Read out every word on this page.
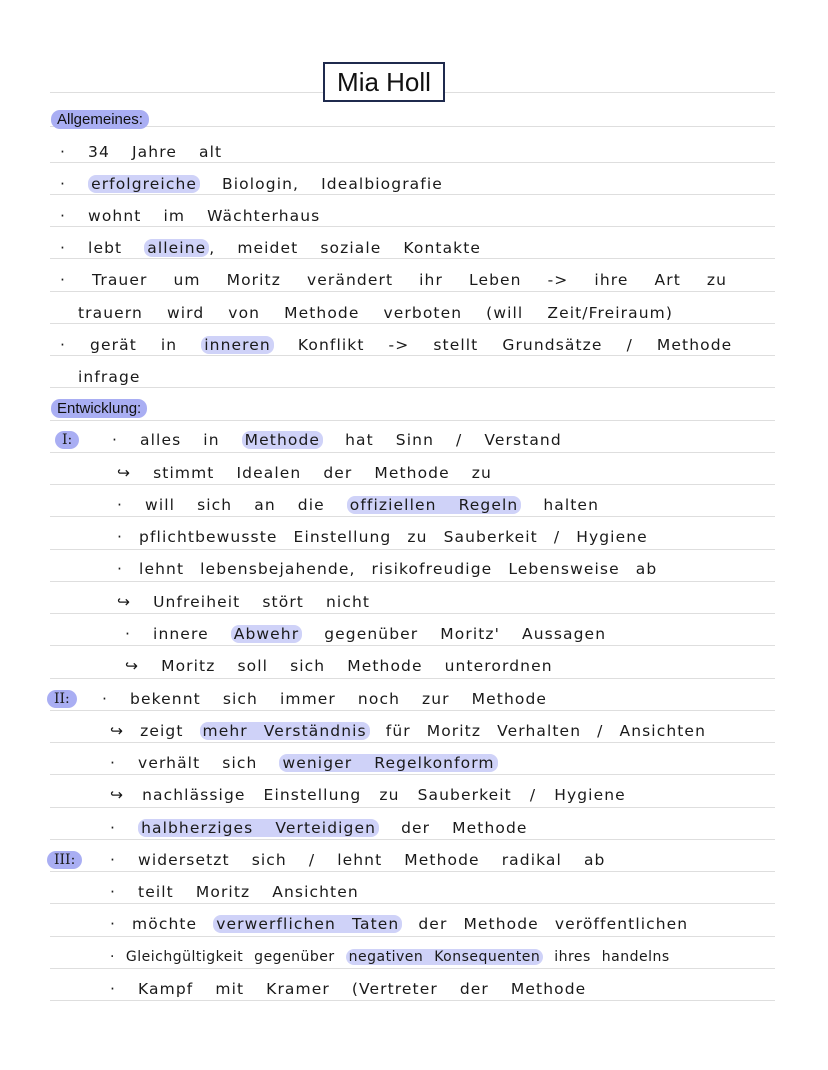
Mia Holl
Allgemeines:
· 34 Jahre alt
· erfolgreiche Biologin, Idealbiografie
· wohnt im Wächterhaus
· lebt alleine , meidet soziale Kontakte
· Trauer um Moritz verändert ihr Leben -> ihre Art zu
trauern wird von Methode verboten (will Zeit/Freiraum)
· gerät in inneren Konflikt -> stellt Grundsätze / Methode
infrage
Entwicklung:
I:	· alles in Methode hat Sinn / Verstand
↪ stimmt Idealen der Methode zu
· will sich an die offiziellen Regeln halten
· pflichtbewusste Einstellung zu Sauberkeit / Hygiene
· lehnt lebensbejahende, risikofreudige Lebensweise ab
↪ Unfreiheit stört nicht
· innere Abwehr gegenüber Moritz' Aussagen
↪ Moritz soll sich Methode unterordnen
II:	· bekennt sich immer noch zur Methode
↪ zeigt mehr Verständnis für Moritz Verhalten / Ansichten
· verhält sich weniger Regelkonform
↪ nachlässige Einstellung zu Sauberkeit / Hygiene
· halbherziges Verteidigen der Methode
III:	· widersetzt sich / lehnt Methode radikal ab
· teilt Moritz Ansichten
· möchte verwerflichen Taten der Methode veröffentlichen
· Gleichgültigkeit gegenüber negativen Konsequenten ihres handelns
· Kampf mit Kramer (Vertreter der Methode
